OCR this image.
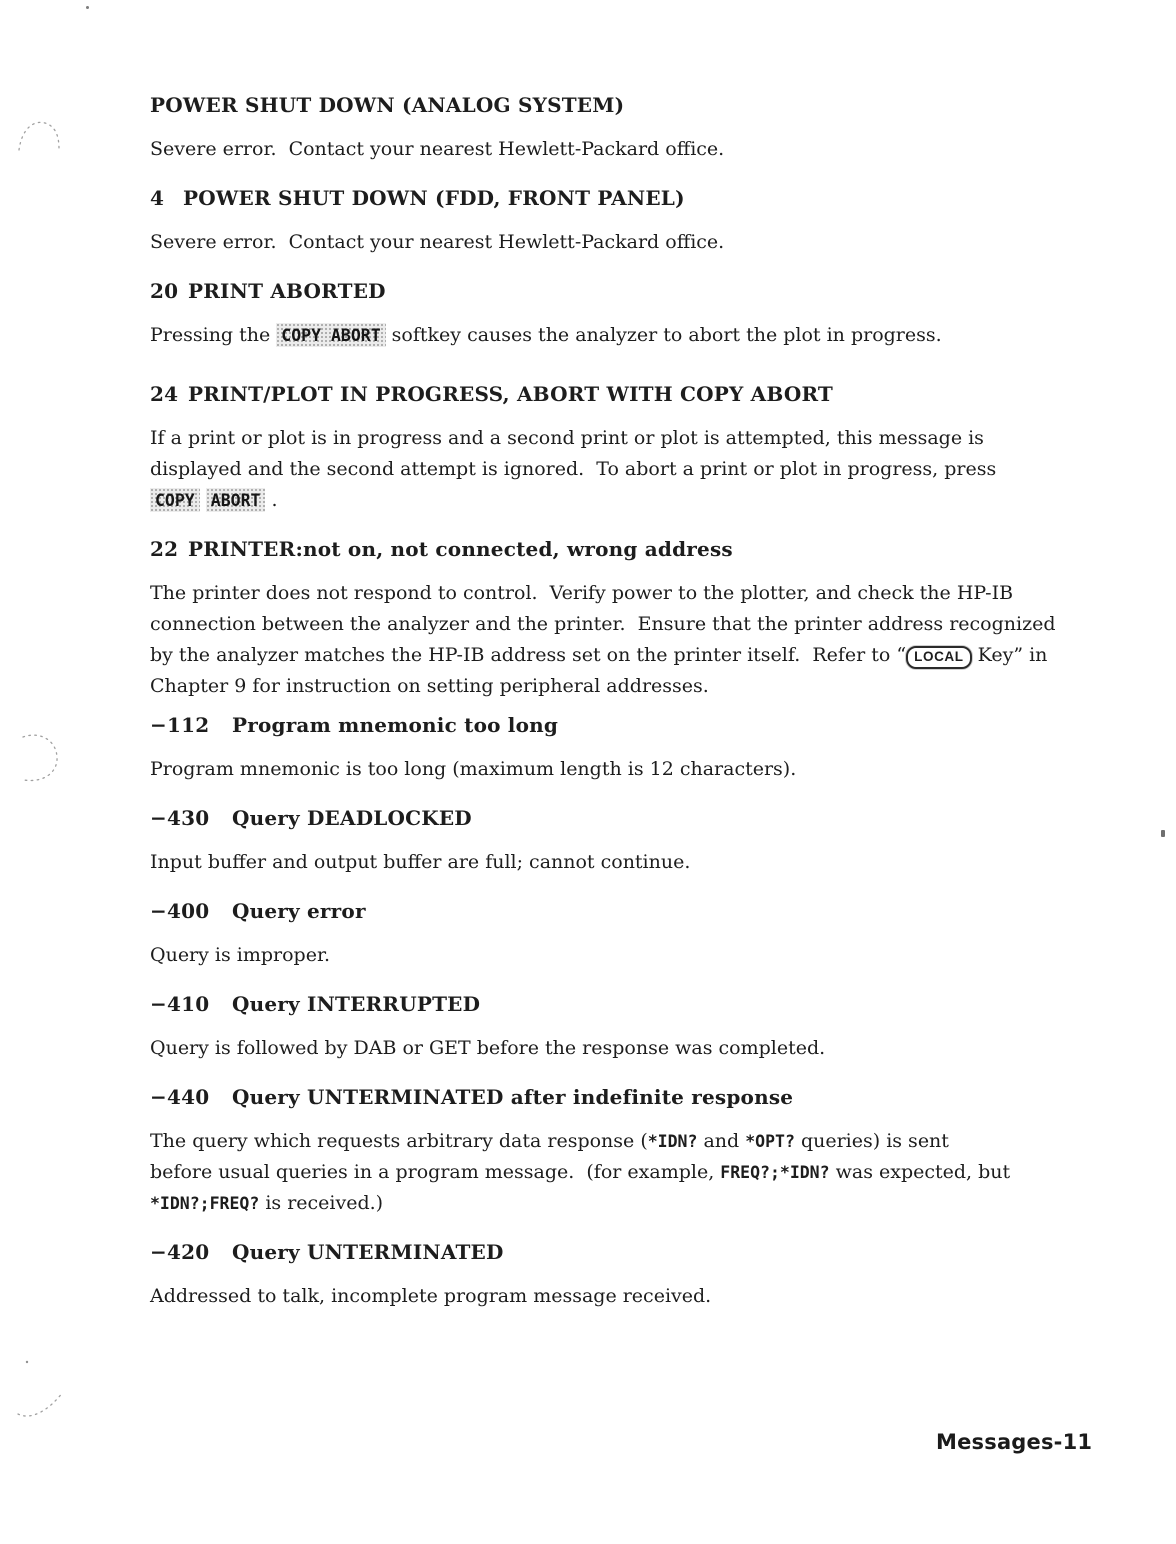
POWER SHUT DOWN (ANALOG SYSTEM)
Severe error.  Contact your nearest Hewlett-Packard office.
4 POWER SHUT DOWN (FDD, FRONT PANEL)
Severe error.  Contact your nearest Hewlett-Packard office.
20 PRINT ABORTED
Pressing the COPY ABORT softkey causes the analyzer to abort the plot in progress.
24 PRINT/PLOT IN PROGRESS, ABORT WITH COPY ABORT
If a print or plot is in progress and a second print or plot is attempted, this message is
displayed and the second attempt is ignored.  To abort a print or plot in progress, press
COPY ABORT .
22 PRINTER:not on, not connected, wrong address
The printer does not respond to control.  Verify power to the plotter, and check the HP-IB
connection between the analyzer and the printer.  Ensure that the printer address recognized
by the analyzer matches the HP-IB address set on the printer itself.  Refer to “ LOCAL Key” in
Chapter 9 for instruction on setting peripheral addresses.
−112 Program mnemonic too long
Program mnemonic is too long (maximum length is 12 characters).
−430 Query DEADLOCKED
Input buffer and output buffer are full; cannot continue.
−400 Query error
Query is improper.
−410 Query INTERRUPTED
Query is followed by DAB or GET before the response was completed.
−440 Query UNTERMINATED after indefinite response
The query which requests arbitrary data response (*IDN? and *OPT? queries) is sent
before usual queries in a program message.  (for example, FREQ?;*IDN? was expected, but
*IDN?;FREQ? is received.)
−420 Query UNTERMINATED
Addressed to talk, incomplete program message received.
Messages-11
